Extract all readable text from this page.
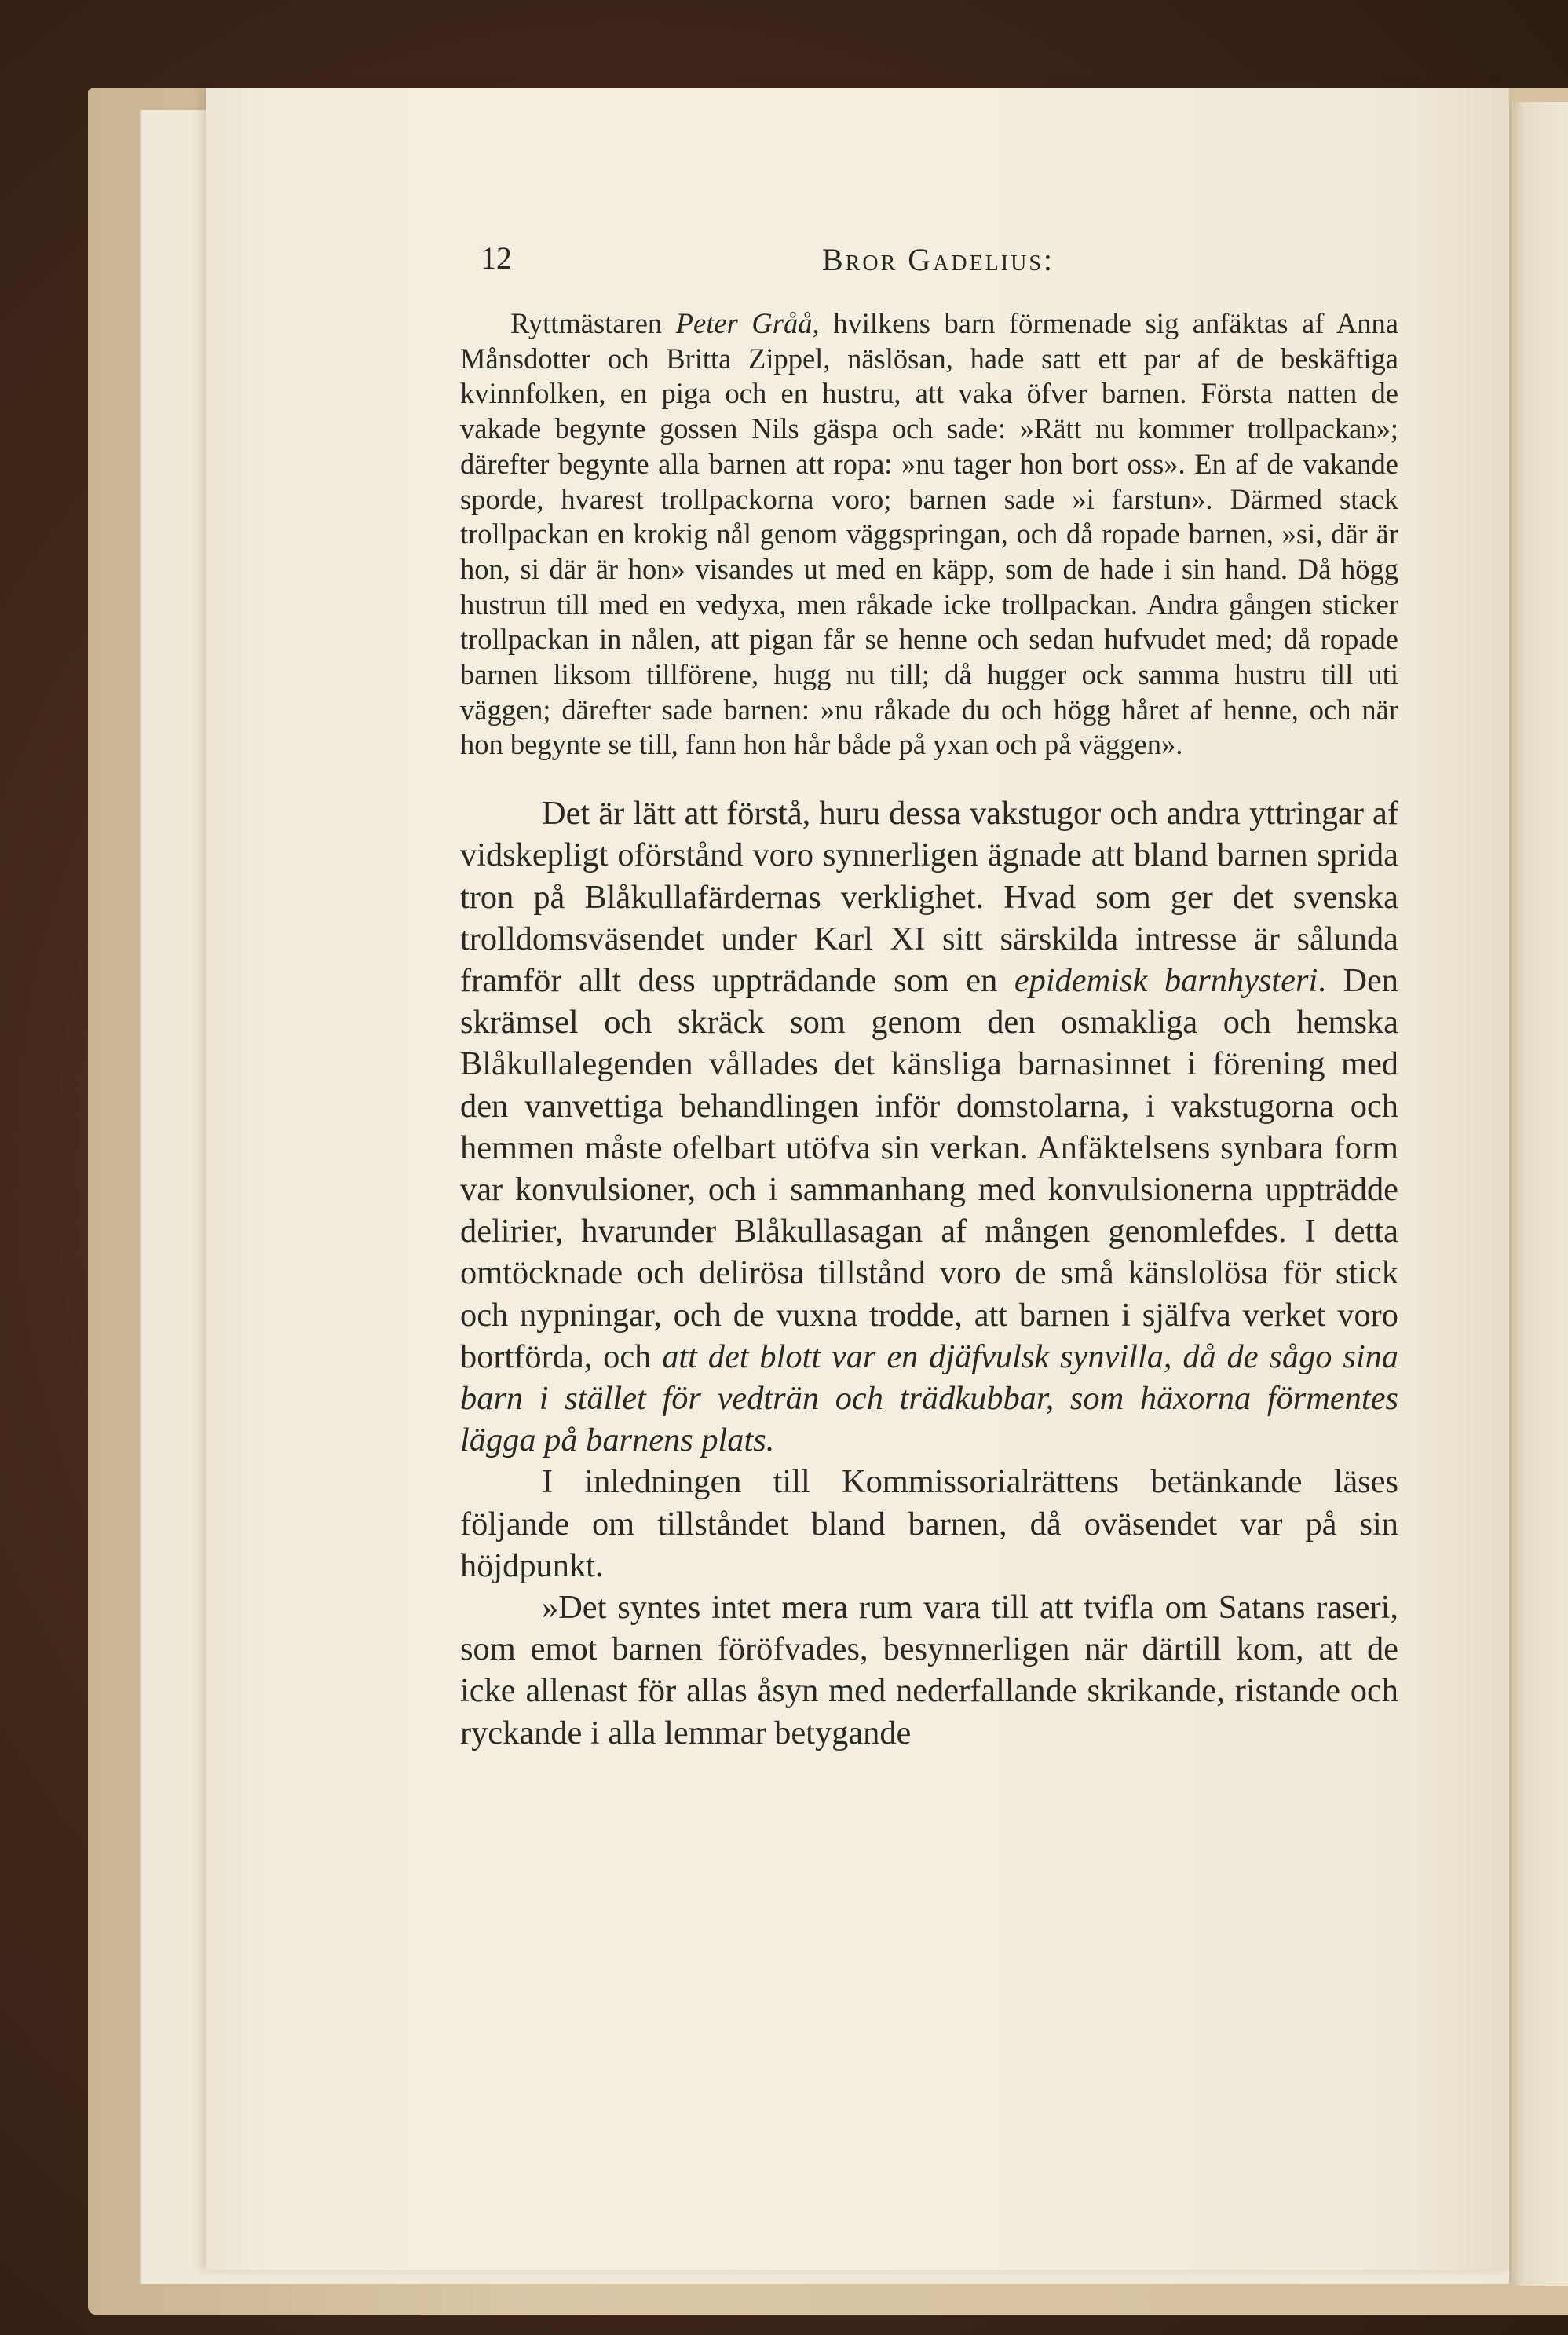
12	Bror Gadelius:

Ryttmästaren Peter Gråå, hvilkens barn förmenade sig anfäktas af Anna Månsdotter och Britta Zippel, näslösan, hade satt ett par af de beskäftiga kvinnfolken, en piga och en hustru, att vaka öfver barnen. Första natten de vakade begynte gossen Nils gäspa och sade: »Rätt nu kommer trollpackan»; därefter begynte alla barnen att ropa: »nu tager hon bort oss». En af de vakande sporde, hvarest trollpackorna voro; barnen sade »i farstun». Därmed stack trollpackan en krokig nål genom väggspringan, och då ropade barnen, »si, där är hon, si där är hon» visandes ut med en käpp, som de hade i sin hand. Då högg hustrun till med en vedyxa, men råkade icke trollpackan. Andra gången sticker trollpackan in nålen, att pigan får se henne och sedan hufvudet med; då ropade barnen liksom tillförene, hugg nu till; då hugger ock samma hustru till uti väggen; därefter sade barnen: »nu råkade du och högg håret af henne, och när hon begynte se till, fann hon hår både på yxan och på väggen».

Det är lätt att förstå, huru dessa vakstugor och andra yttringar af vidskepligt oförstånd voro synnerligen ägnade att bland barnen sprida tron på Blåkullafärdernas verklighet. Hvad som ger det svenska trolldomsväsendet under Karl XI sitt särskilda intresse är sålunda framför allt dess uppträdande som en epidemisk barnhysteri. Den skrämsel och skräck som genom den osmakliga och hemska Blåkullalegenden vållades det känsliga barnasinnet i förening med den vanvettiga behandlingen inför domstolarna, i vakstugorna och hemmen måste ofelbart utöfva sin verkan. Anfäktelsens synbara form var konvulsioner, och i sammanhang med konvulsionerna uppträdde delirier, hvarunder Blåkullasagan af mången genomlefdes. I detta omtöcknade och delirösa tillstånd voro de små känslolösa för stick och nypningar, och de vuxna trodde, att barnen i själfva verket voro bortförda, och att det blott var en djäfvulsk synvilla, då de sågo sina barn i stället för vedträn och trädkubbar, som häxorna förmentes lägga på barnens plats.

I inledningen till Kommissorialrättens betänkande läses följande om tillståndet bland barnen, då oväsendet var på sin höjdpunkt.

»Det syntes intet mera rum vara till att tvifla om Satans raseri, som emot barnen föröfvades, besynnerligen när därtill kom, att de icke allenast för allas åsyn med nederfallande skrikande, ristande och ryckande i alla lemmar betygande
